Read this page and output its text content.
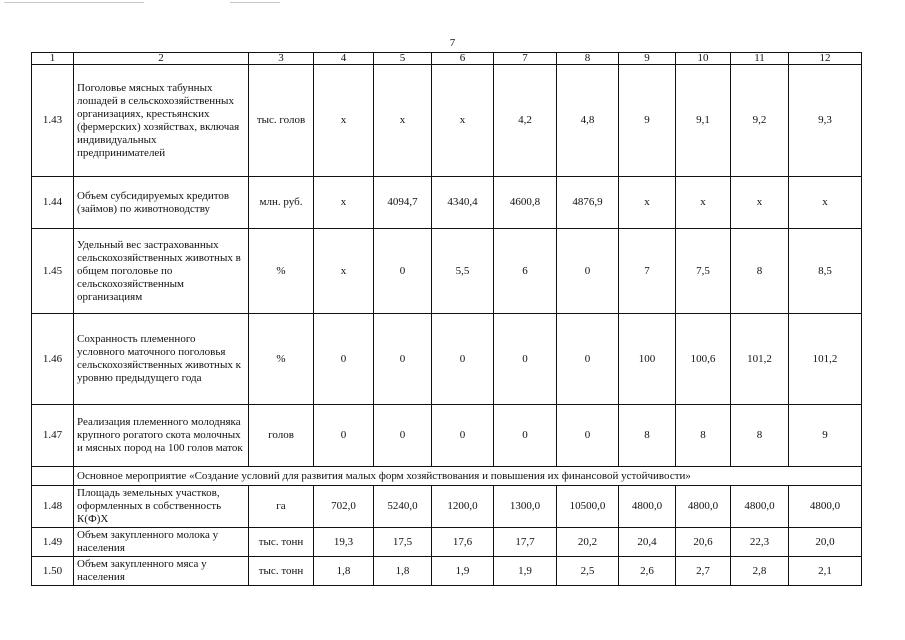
7
1	2	3	4	5	6	7	8	9	10	11	12
1.43	Поголовье мясных табунных лошадей в сельскохозяйственных организациях, крестьянских (фермерских) хозяйствах, включая индивидуальных предпринимателей	тыс. голов	x	x	x	4,2	4,8	9	9,1	9,2	9,3
1.44	Объем субсидируемых кредитов (займов) по животноводству	млн. руб.	x	4094,7	4340,4	4600,8	4876,9	x	x	x	x
1.45	Удельный вес застрахованных сельскохозяйственных животных в общем поголовье по сельскохозяйственным организациям	%	x	0	5,5	6	0	7	7,5	8	8,5
1.46	Сохранность племенного условного маточного поголовья сельскохозяйственных животных к уровню предыдущего года	%	0	0	0	0	0	100	100,6	101,2	101,2
1.47	Реализация племенного молодняка крупного рогатого скота молочных и мясных пород на 100 голов маток	голов	0	0	0	0	0	8	8	8	9
	Основное мероприятие «Создание условий для развития малых форм хозяйствования и повышения их финансовой устойчивости»										
1.48	Площадь земельных участков, оформленных в собственность К(Ф)Х	га	702,0	5240,0	1200,0	1300,0	10500,0	4800,0	4800,0	4800,0	4800,0
1.49	Объем закупленного молока у населения	тыс. тонн	19,3	17,5	17,6	17,7	20,2	20,4	20,6	22,3	20,0
1.50	Объем закупленного мяса у населения	тыс. тонн	1,8	1,8	1,9	1,9	2,5	2,6	2,7	2,8	2,1
